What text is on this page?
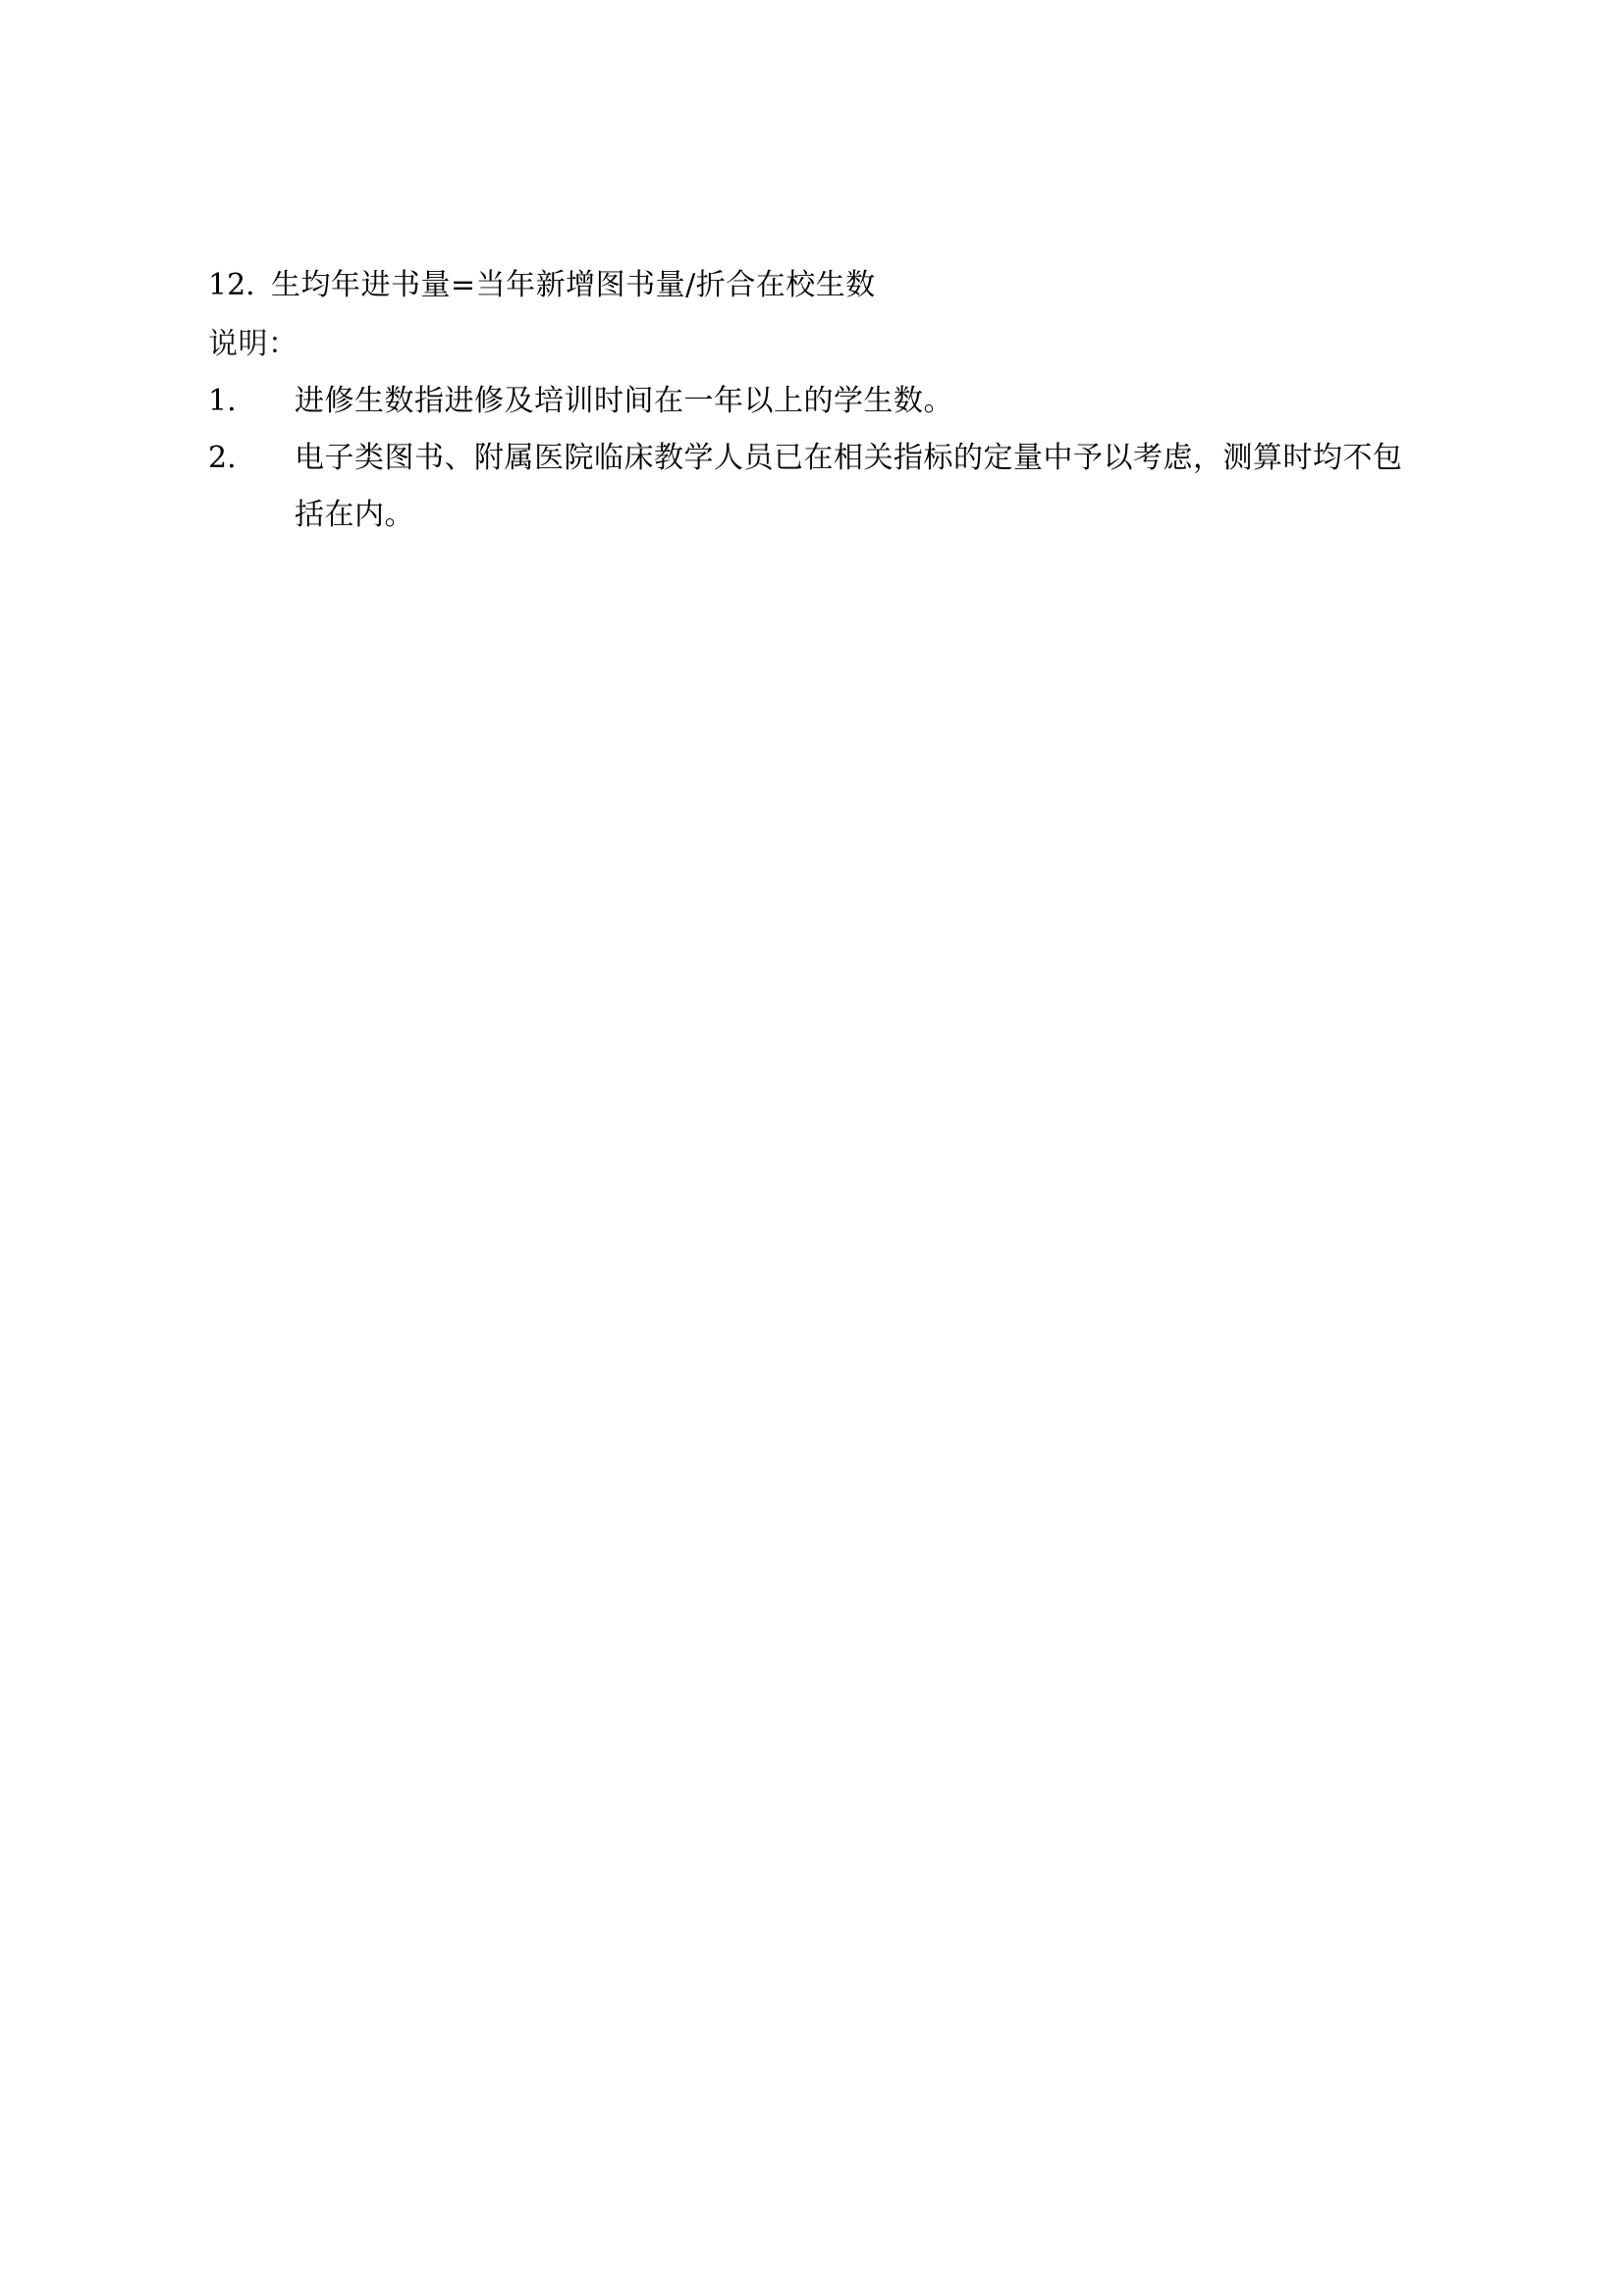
12. 生均年进书量=当年新增图书量/折合在校生数
说明：
1.	进修生数指进修及培训时间在一年以上的学生数。
2.	电子类图书、附属医院临床教学人员已在相关指标的定量中予以考虑，测算时均不包括在内。
